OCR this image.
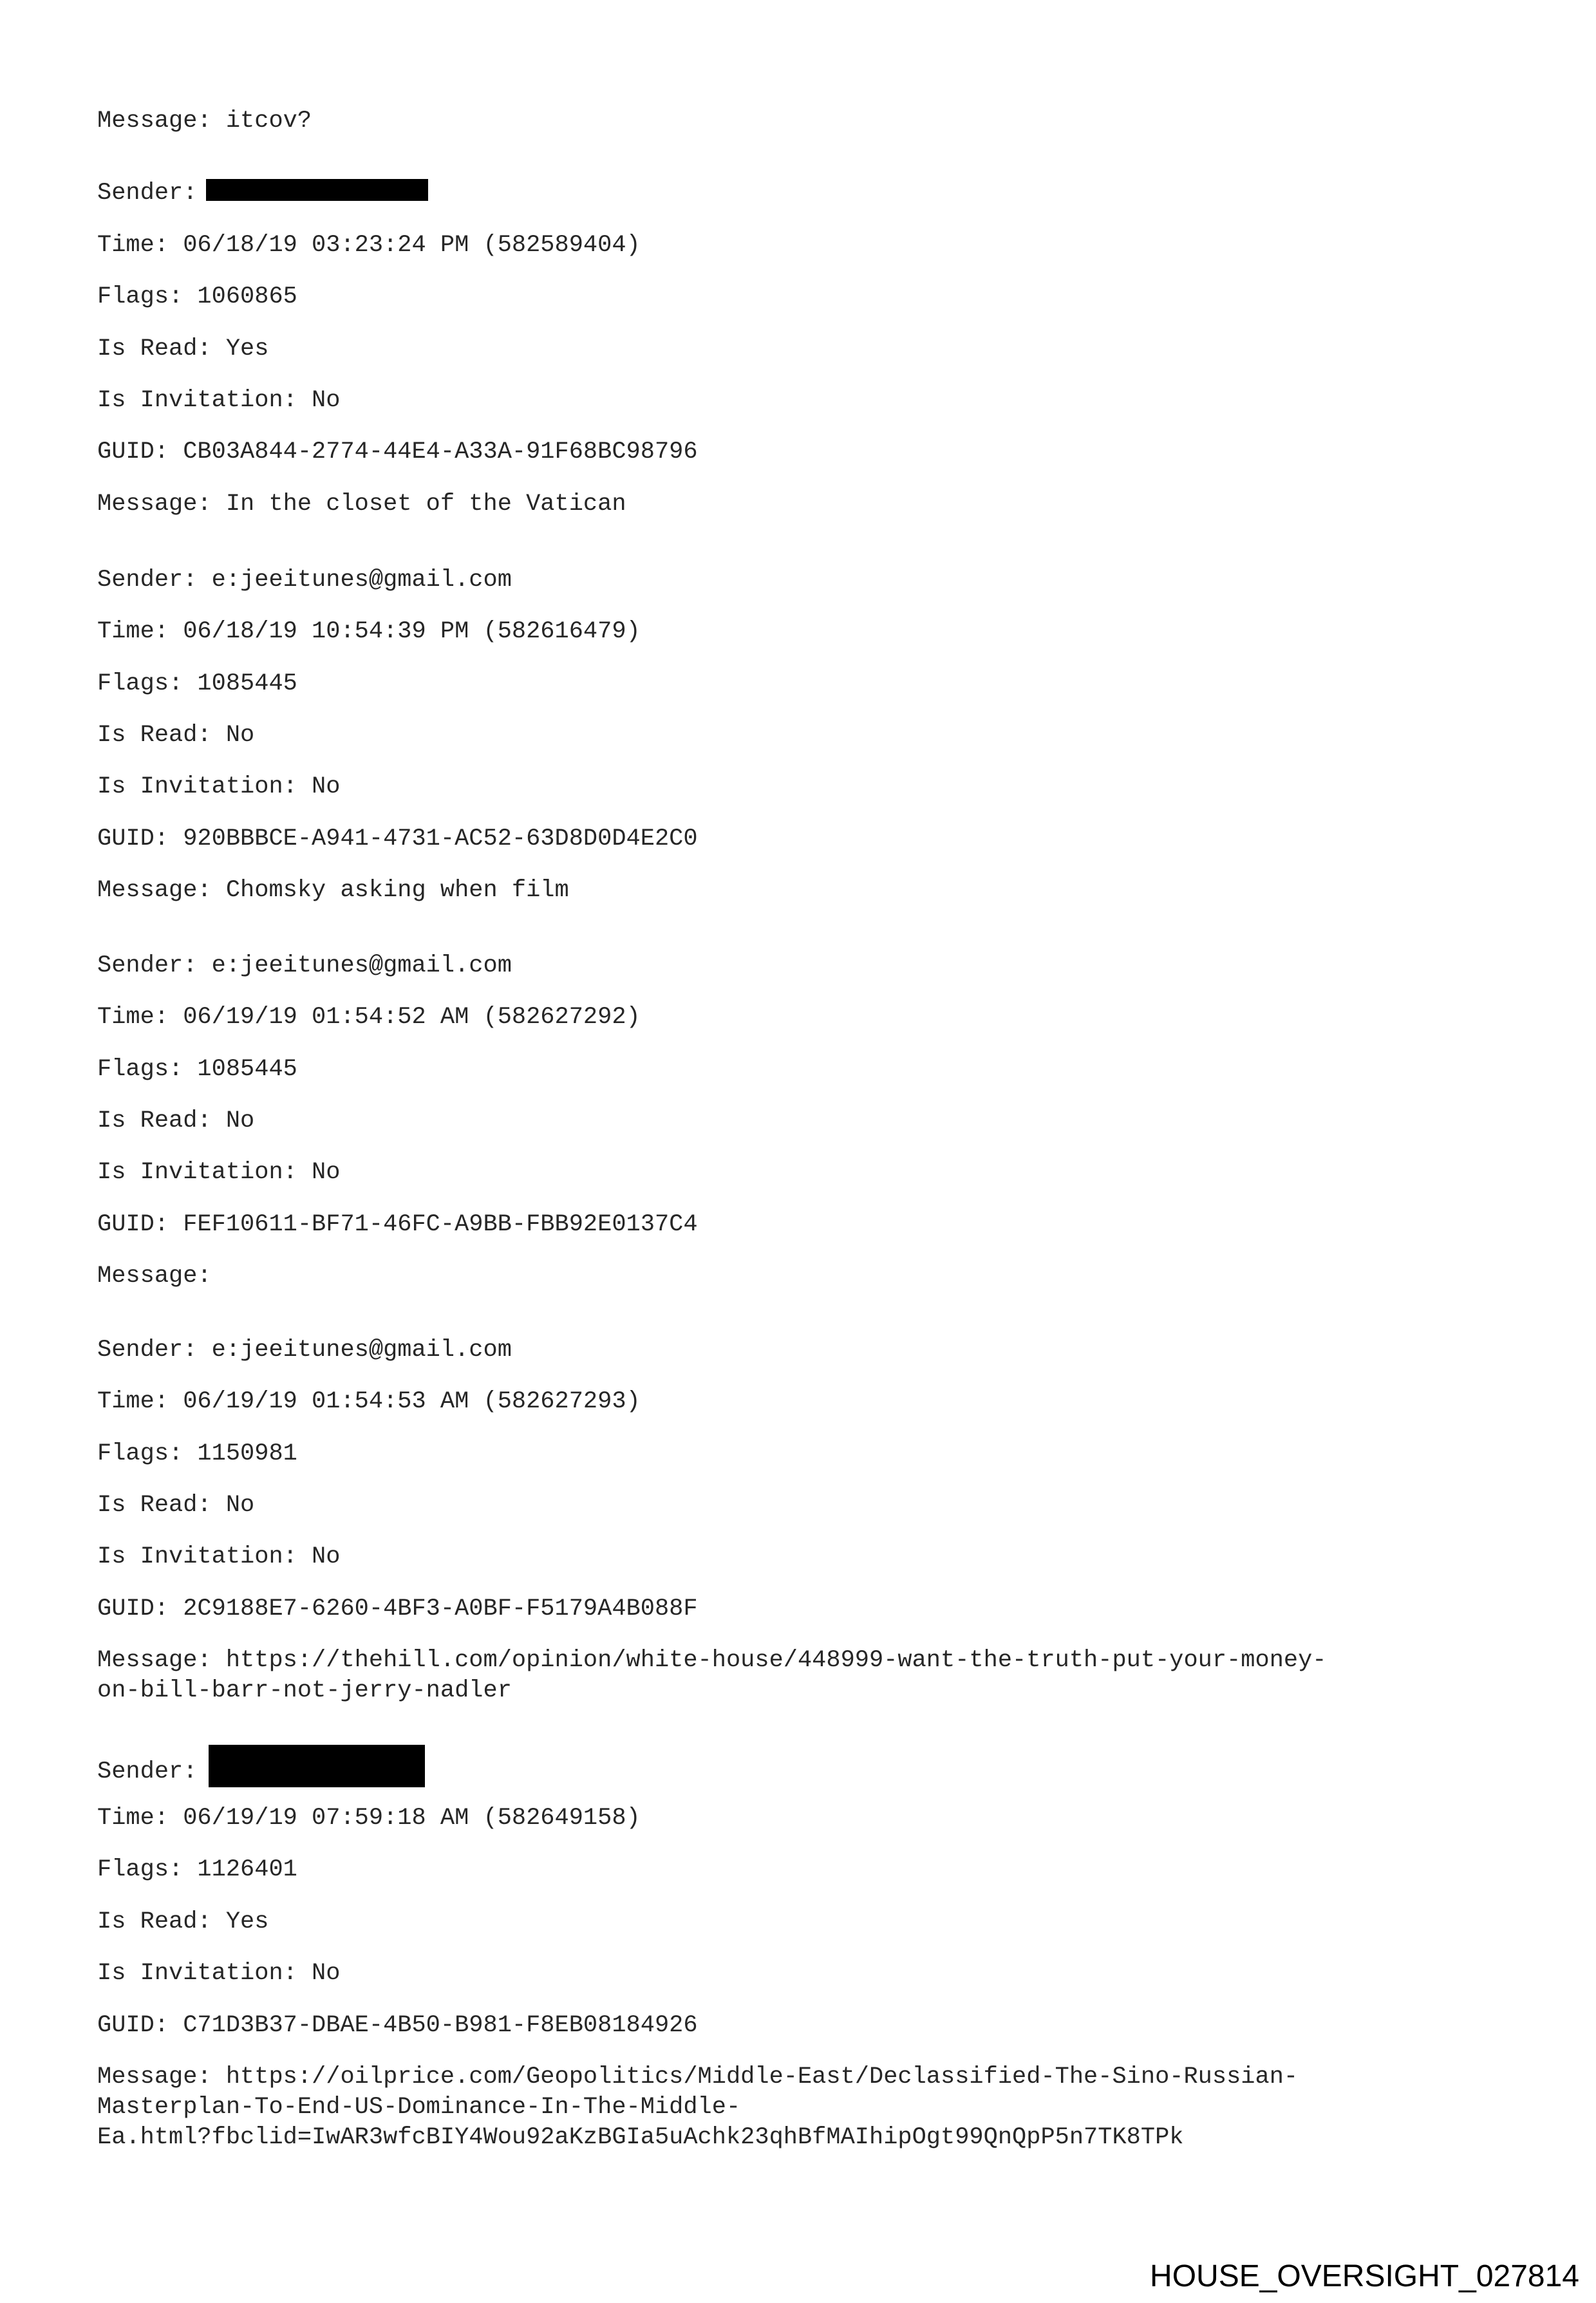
Message: itcov?
Sender:
Time: 06/18/19 03:23:24 PM (582589404)
Flags: 1060865
Is Read: Yes
Is Invitation: No
GUID: CB03A844-2774-44E4-A33A-91F68BC98796
Message: In the closet of the Vatican
Sender: e:jeeitunes@gmail.com
Time: 06/18/19 10:54:39 PM (582616479)
Flags: 1085445
Is Read: No
Is Invitation: No
GUID: 920BBBCE-A941-4731-AC52-63D8D0D4E2C0
Message: Chomsky asking when film
Sender: e:jeeitunes@gmail.com
Time: 06/19/19 01:54:52 AM (582627292)
Flags: 1085445
Is Read: No
Is Invitation: No
GUID: FEF10611-BF71-46FC-A9BB-FBB92E0137C4
Message:
Sender: e:jeeitunes@gmail.com
Time: 06/19/19 01:54:53 AM (582627293)
Flags: 1150981
Is Read: No
Is Invitation: No
GUID: 2C9188E7-6260-4BF3-A0BF-F5179A4B088F
Message: https://thehill.com/opinion/white-house/448999-want-the-truth-put-your-money-
on-bill-barr-not-jerry-nadler
Sender:
Time: 06/19/19 07:59:18 AM (582649158)
Flags: 1126401
Is Read: Yes
Is Invitation: No
GUID: C71D3B37-DBAE-4B50-B981-F8EB08184926
Message: https://oilprice.com/Geopolitics/Middle-East/Declassified-The-Sino-Russian-
Masterplan-To-End-US-Dominance-In-The-Middle-
Ea.html?fbclid=IwAR3wfcBIY4Wou92aKzBGIa5uAchk23qhBfMAIhipOgt99QnQpP5n7TK8TPk
HOUSE_OVERSIGHT_027814
